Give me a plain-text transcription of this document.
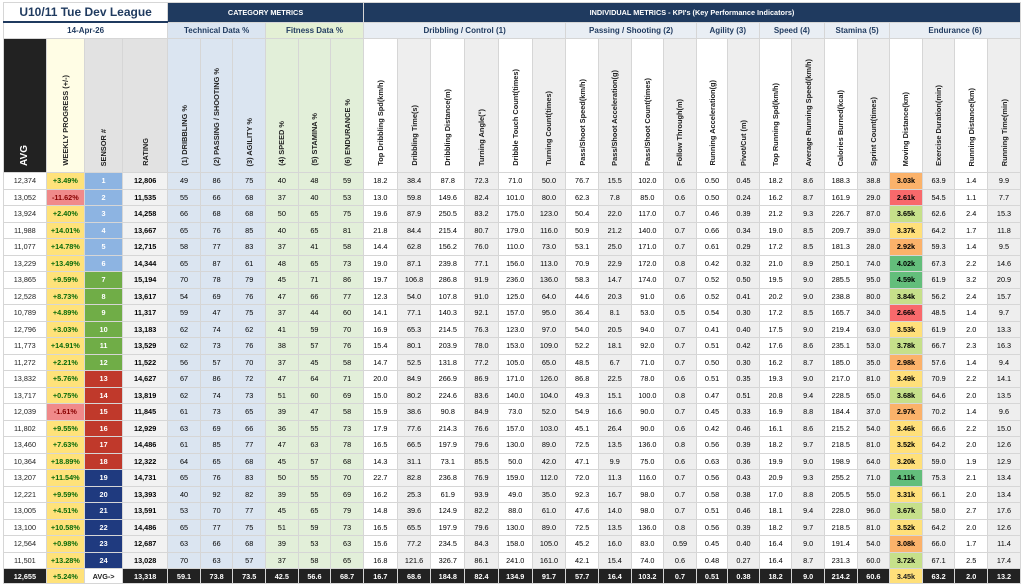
U10/11 Tue Dev League				CATEGORY METRICS						INDIVIDUAL METRICS - KPI's (Key Performance Indicators)																			
14-Apr-26				Technical Data %			Fitness Data %			Dribbling / Control (1)						Passing / Shooting (2)				Agility (3)		Speed (4)		Stamina (5)		Endurance (6)			
AVG	WEEKLY PROGRESS (+/-)	SENSOR #	RATING	(1) DRIBBLING %	(2) PASSING / SHOOTING %	(3) AGILITY %	(4) SPEED %	(5) STAMINA %	(6) ENDURANCE %	Top Dribbling Spd(km/h)	Dribbling Time(s)	Dribbling Distance(m)	Turning Angle(°)	Dribble Touch Count(times)	Turning Count(times)	Pass/Shoot Speed(km/h)	Pass/Shoot Acceleration(g)	Pass/Shoot Count(times)	Follow Through(m)	Running Acceleration(g)	Pivot/Cut (m)	Top Running Spd(km/h)	Average Running Speed(km/h)	Calories Burned(kcal)	Sprint Count(times)	Moving Distance(km)	Exercise Duration(min)	Running Distance(km)	Running Time(min)
12,374	+3.49%	1	12,806	49	86	75	40	48	59	18.2	38.4	87.8	72.3	71.0	50.0	76.7	15.5	102.0	0.6	0.50	0.45	18.2	8.6	188.3	38.8	3.03k	63.9	1.4	9.9
13,052	-11.62%	2	11,535	55	66	68	37	40	53	13.0	59.8	149.6	82.4	101.0	80.0	62.3	7.8	85.0	0.6	0.50	0.24	16.2	8.7	161.9	29.0	2.61k	54.5	1.1	7.7
13,924	+2.40%	3	14,258	66	68	68	50	65	75	19.6	87.9	250.5	83.2	175.0	123.0	50.4	22.0	117.0	0.7	0.46	0.39	21.2	9.3	226.7	87.0	3.65k	62.6	2.4	15.3
11,988	+14.01%	4	13,667	65	76	85	40	65	81	21.8	84.4	215.4	80.7	179.0	116.0	50.9	21.2	140.0	0.7	0.66	0.34	19.0	8.5	209.7	39.0	3.37k	64.2	1.7	11.8
11,077	+14.78%	5	12,715	58	77	83	37	41	58	14.4	62.8	156.2	76.0	110.0	73.0	53.1	25.0	171.0	0.7	0.61	0.29	17.2	8.5	181.3	28.0	2.92k	59.3	1.4	9.5
13,229	+13.49%	6	14,344	65	87	61	48	65	73	19.0	87.1	239.8	77.1	156.0	113.0	70.9	22.9	172.0	0.8	0.42	0.32	21.0	8.9	250.1	74.0	4.02k	67.3	2.2	14.6
13,865	+9.59%	7	15,194	70	78	79	45	71	86	19.7	106.8	286.8	91.9	236.0	136.0	58.3	14.7	174.0	0.7	0.52	0.50	19.5	9.0	285.5	95.0	4.59k	61.9	3.2	20.9
12,528	+8.73%	8	13,617	54	69	76	47	66	77	12.3	54.0	107.8	91.0	125.0	64.0	44.6	20.3	91.0	0.6	0.52	0.41	20.2	9.0	238.8	80.0	3.84k	56.2	2.4	15.7
10,789	+4.89%	9	11,317	59	47	75	37	44	60	14.1	77.1	140.3	92.1	157.0	95.0	36.4	8.1	53.0	0.5	0.54	0.30	17.2	8.5	165.7	34.0	2.66k	48.5	1.4	9.7
12,796	+3.03%	10	13,183	62	74	62	41	59	70	16.9	65.3	214.5	76.3	123.0	97.0	54.0	20.5	94.0	0.7	0.41	0.40	17.5	9.0	219.4	63.0	3.53k	61.9	2.0	13.3
11,773	+14.91%	11	13,529	62	73	76	38	57	76	15.4	80.1	203.9	78.0	153.0	109.0	52.2	18.1	92.0	0.7	0.51	0.42	17.6	8.6	235.1	53.0	3.78k	66.7	2.3	16.3
11,272	+2.21%	12	11,522	56	57	70	37	45	58	14.7	52.5	131.8	77.2	105.0	65.0	48.5	6.7	71.0	0.7	0.50	0.30	16.2	8.7	185.0	35.0	2.98k	57.6	1.4	9.4
13,832	+5.76%	13	14,627	67	86	72	47	64	71	20.0	84.9	266.9	86.9	171.0	126.0	86.8	22.5	78.0	0.6	0.51	0.35	19.3	9.0	217.0	81.0	3.49k	70.9	2.2	14.1
13,717	+0.75%	14	13,819	62	74	73	51	60	69	15.0	80.2	224.6	83.6	140.0	104.0	49.3	15.1	100.0	0.8	0.47	0.51	20.8	9.4	228.5	65.0	3.68k	64.6	2.0	13.5
12,039	-1.61%	15	11,845	61	73	65	39	47	58	15.9	38.6	90.8	84.9	73.0	52.0	54.9	16.6	90.0	0.7	0.45	0.33	16.9	8.8	184.4	37.0	2.97k	70.2	1.4	9.6
11,802	+9.55%	16	12,929	63	69	66	36	55	73	17.9	77.6	214.3	76.6	157.0	103.0	45.1	26.4	90.0	0.6	0.42	0.46	16.1	8.6	215.2	54.0	3.46k	66.6	2.2	15.0
13,460	+7.63%	17	14,486	61	85	77	47	63	78	16.5	66.5	197.9	79.6	130.0	89.0	72.5	13.5	136.0	0.8	0.56	0.39	18.2	9.7	218.5	81.0	3.52k	64.2	2.0	12.6
10,364	+18.89%	18	12,322	64	65	68	45	57	68	14.3	31.1	73.1	85.5	50.0	42.0	47.1	9.9	75.0	0.6	0.63	0.36	19.9	9.0	198.9	64.0	3.20k	59.0	1.9	12.9
13,207	+11.54%	19	14,731	65	76	83	50	55	70	22.7	82.8	236.8	76.9	159.0	112.0	72.0	11.3	116.0	0.7	0.56	0.43	20.9	9.3	255.2	71.0	4.11k	75.3	2.1	13.4
12,221	+9.59%	20	13,393	40	92	82	39	55	69	16.2	25.3	61.9	93.9	49.0	35.0	92.3	16.7	98.0	0.7	0.58	0.38	17.0	8.8	205.5	55.0	3.31k	66.1	2.0	13.4
13,005	+4.51%	21	13,591	53	70	77	45	65	79	14.8	39.6	124.9	82.2	88.0	61.0	47.6	14.0	98.0	0.7	0.51	0.46	18.1	9.4	228.0	96.0	3.67k	58.0	2.7	17.6
13,100	+10.58%	22	14,486	65	77	75	51	59	73	16.5	65.5	197.9	79.6	130.0	89.0	72.5	13.5	136.0	0.8	0.56	0.39	18.2	9.7	218.5	81.0	3.52k	64.2	2.0	12.6
12,564	+0.98%	23	12,687	63	66	68	39	53	63	15.6	77.2	234.5	84.3	158.0	105.0	45.2	16.0	83.0	0.59	0.45	0.40	16.4	9.0	191.4	54.0	3.08k	66.0	1.7	11.4
11,501	+13.28%	24	13,028	70	63	57	37	58	65	16.8	121.6	326.7	86.1	241.0	161.0	42.1	15.4	74.0	0.6	0.48	0.27	16.4	8.7	231.3	60.0	3.72k	67.1	2.5	17.4
12,655	+5.24%	AVG->	13,318	59.1	73.8	73.5	42.5	56.6	68.7	16.7	68.6	184.8	82.4	134.9	91.7	57.7	16.4	103.2	0.7	0.51	0.38	18.2	9.0	214.2	60.6	3.45k	63.2	2.0	13.2
